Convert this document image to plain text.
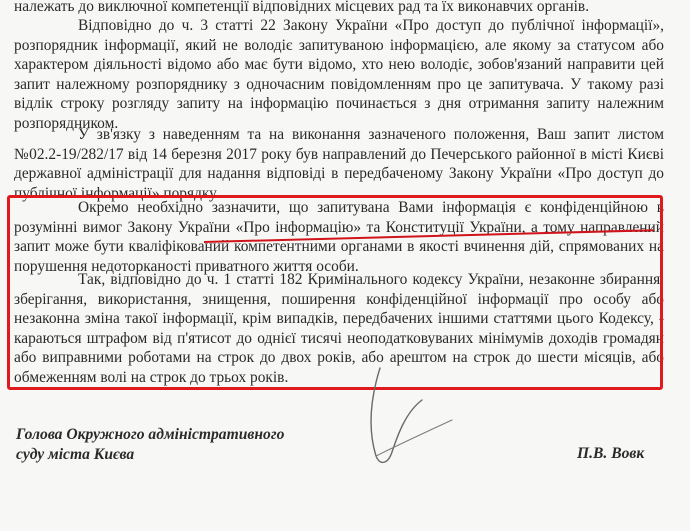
належать до виключної компетенції відповідних місцевих рад та їх виконавчих органів.

Відповідно до ч. 3 статті 22 Закону України «Про доступ до публічної інформації», розпорядник інформації, який не володіє запитуваною інформацією, але якому за статусом або характером діяльності відомо або має бути відомо, хто нею володіє, зобов'язаний направити цей запит належному розпоряднику з одночасним повідомленням про це запитувача. У такому разі відлік строку розгляду запиту на інформацію починається з дня отримання запиту належним розпорядником.

У зв'язку з наведенням та на виконання зазначеного положення, Ваш запит листом №02.2-19/282/17 від 14 березня 2017 року був направлений до Печерського районної в місті Києві державної адміністрації для надання відповіді в передбаченому Закону України «Про доступ до публічної інформації» порядку.

Окремо необхідно зазначити, що запитувана Вами інформація є конфіденційною в розумінні вимог Закону України «Про інформацію» та Конституції України, а тому направлений запит може бути кваліфікований компетентними органами в якості вчинення дій, спрямованих на порушення недоторканості приватного життя особи.

Так, відповідно до ч. 1 статті 182 Кримінального кодексу України, незаконне збирання, зберігання, використання, знищення, поширення конфіденційної інформації про особу або незаконна зміна такої інформації, крім випадків, передбачених іншими статтями цього Кодексу, - караються штрафом від п'ятисот до однієї тисячі неоподатковуваних мінімумів доходів громадян або виправними роботами на строк до двох років, або арештом на строк до шести місяців, або обмеженням волі на строк до трьох років.

Голова Окружного адміністративного
суду міста Києва	П.В. Вовк
